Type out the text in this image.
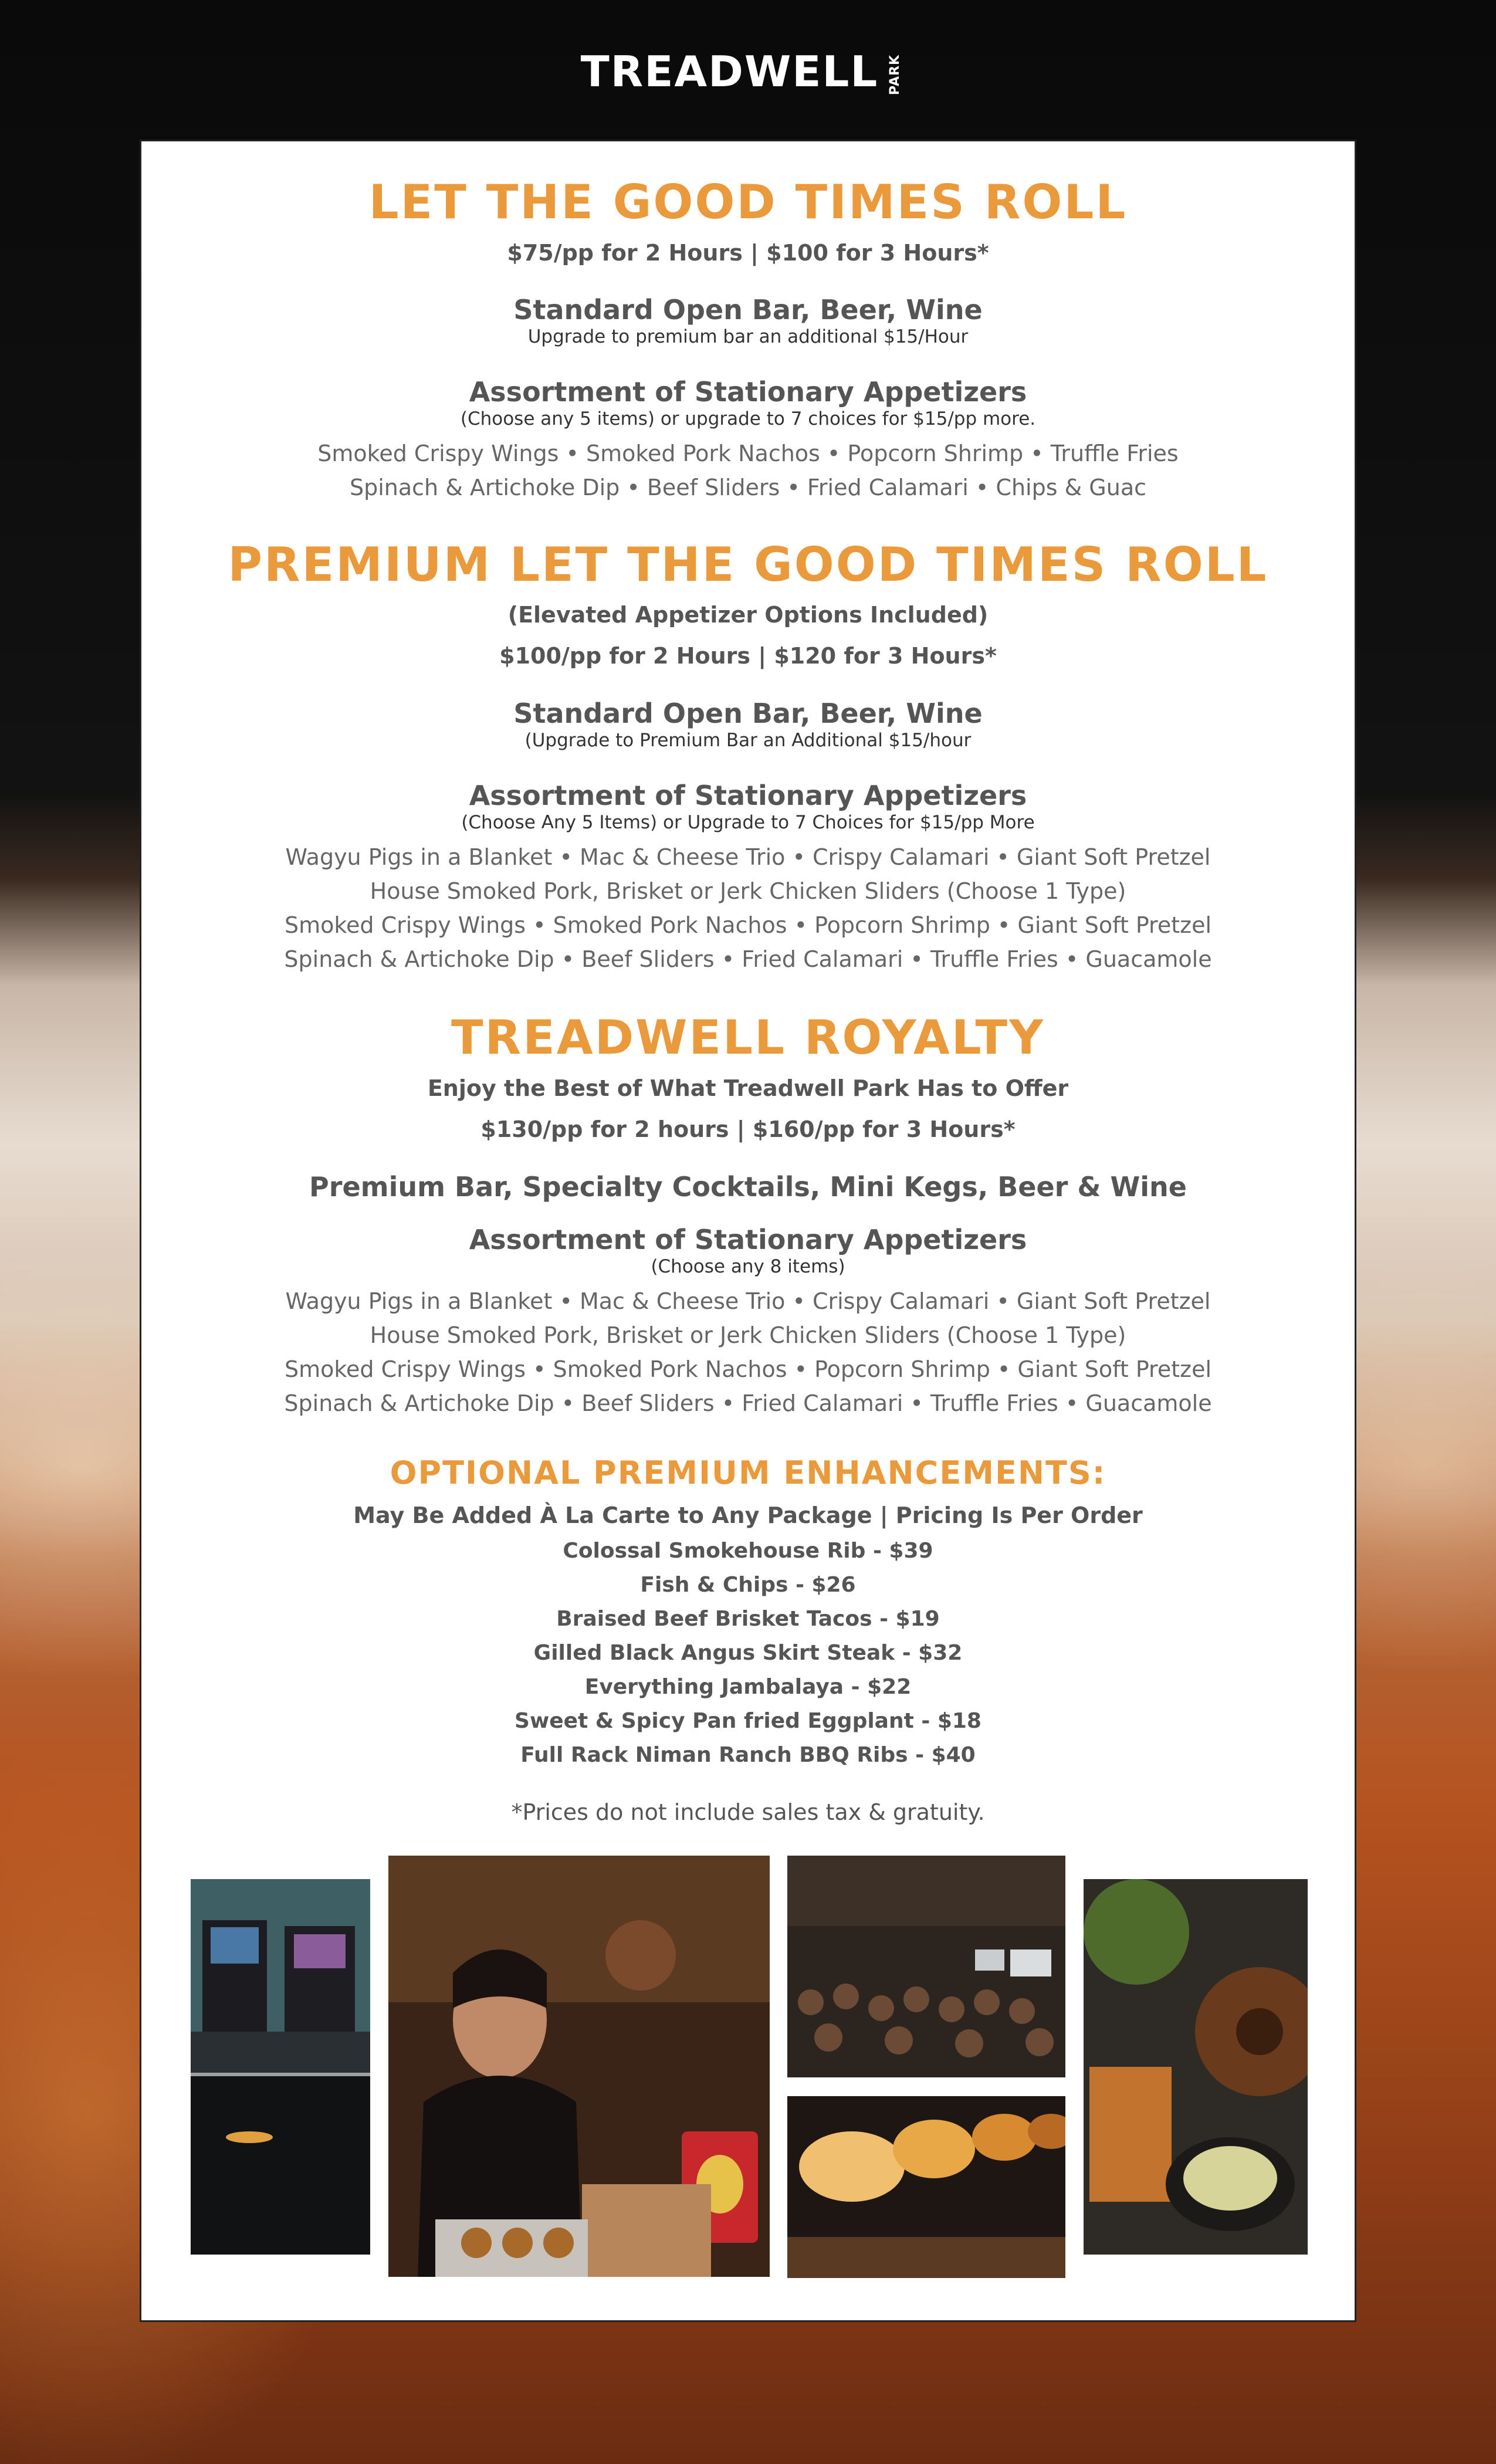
TREADWELL PARK
LET THE GOOD TIMES ROLL

$75/pp for 2 Hours | $100 for 3 Hours*

Standard Open Bar, Beer, Wine

Upgrade to premium bar an additional $15/Hour

Assortment of Stationary Appetizers

(Choose any 5 items) or upgrade to 7 choices for $15/pp more.

Smoked Crispy Wings • Smoked Pork Nachos • Popcorn Shrimp • Truffle Fries

Spinach & Artichoke Dip • Beef Sliders • Fried Calamari • Chips & Guac

PREMIUM LET THE GOOD TIMES ROLL

(Elevated Appetizer Options Included)

$100/pp for 2 Hours | $120 for 3 Hours*

Standard Open Bar, Beer, Wine

(Upgrade to Premium Bar an Additional $15/hour

Assortment of Stationary Appetizers

(Choose Any 5 Items) or Upgrade to 7 Choices for $15/pp More

Wagyu Pigs in a Blanket • Mac & Cheese Trio • Crispy Calamari • Giant Soft Pretzel

House Smoked Pork, Brisket or Jerk Chicken Sliders (Choose 1 Type)

Smoked Crispy Wings • Smoked Pork Nachos • Popcorn Shrimp • Giant Soft Pretzel

Spinach & Artichoke Dip • Beef Sliders • Fried Calamari • Truffle Fries • Guacamole

TREADWELL ROYALTY

Enjoy the Best of What Treadwell Park Has to Offer

$130/pp for 2 hours | $160/pp for 3 Hours*

Premium Bar, Specialty Cocktails, Mini Kegs, Beer & Wine

Assortment of Stationary Appetizers

(Choose any 8 items)

Wagyu Pigs in a Blanket • Mac & Cheese Trio • Crispy Calamari • Giant Soft Pretzel

House Smoked Pork, Brisket or Jerk Chicken Sliders (Choose 1 Type)

Smoked Crispy Wings • Smoked Pork Nachos • Popcorn Shrimp • Giant Soft Pretzel

Spinach & Artichoke Dip • Beef Sliders • Fried Calamari • Truffle Fries • Guacamole

OPTIONAL PREMIUM ENHANCEMENTS:

May Be Added À La Carte to Any Package | Pricing Is Per Order

Colossal Smokehouse Rib - $39

Fish & Chips - $26

Braised Beef Brisket Tacos - $19

Gilled Black Angus Skirt Steak - $32

Everything Jambalaya - $22

Sweet & Spicy Pan fried Eggplant - $18

Full Rack Niman Ranch BBQ Ribs - $40

*Prices do not include sales tax & gratuity.
